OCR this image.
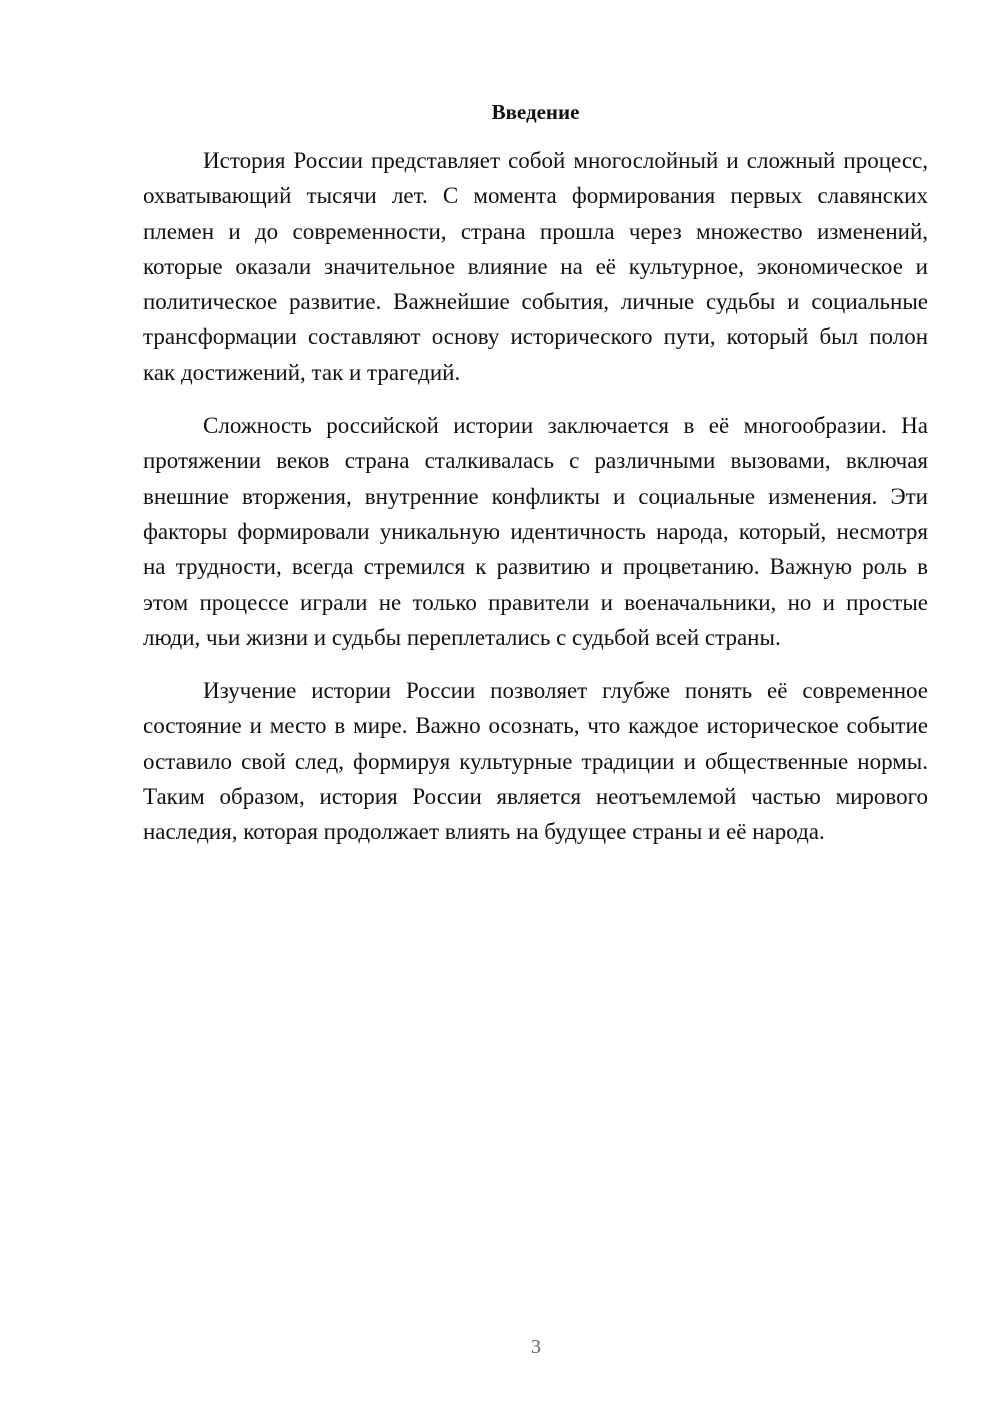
Введение

История России представляет собой многослойный и сложный процесс, охватывающий тысячи лет. С момента формирования первых славянских племен и до современности, страна прошла через множество изменений, которые оказали значительное влияние на её культурное, экономическое и политическое развитие. Важнейшие события, личные судьбы и социальные трансформации составляют основу исторического пути, который был полон как достижений, так и трагедий.

Сложность российской истории заключается в её многообразии. На протяжении веков страна сталкивалась с различными вызовами, включая внешние вторжения, внутренние конфликты и социальные изменения. Эти факторы формировали уникальную идентичность народа, который, несмотря на трудности, всегда стремился к развитию и процветанию. Важную роль в этом процессе играли не только правители и военачальники, но и простые люди, чьи жизни и судьбы переплетались с судьбой всей страны.

Изучение истории России позволяет глубже понять её современное состояние и место в мире. Важно осознать, что каждое историческое событие оставило свой след, формируя культурные традиции и общественные нормы. Таким образом, история России является неотъемлемой частью мирового наследия, которая продолжает влиять на будущее страны и её народа.

3
